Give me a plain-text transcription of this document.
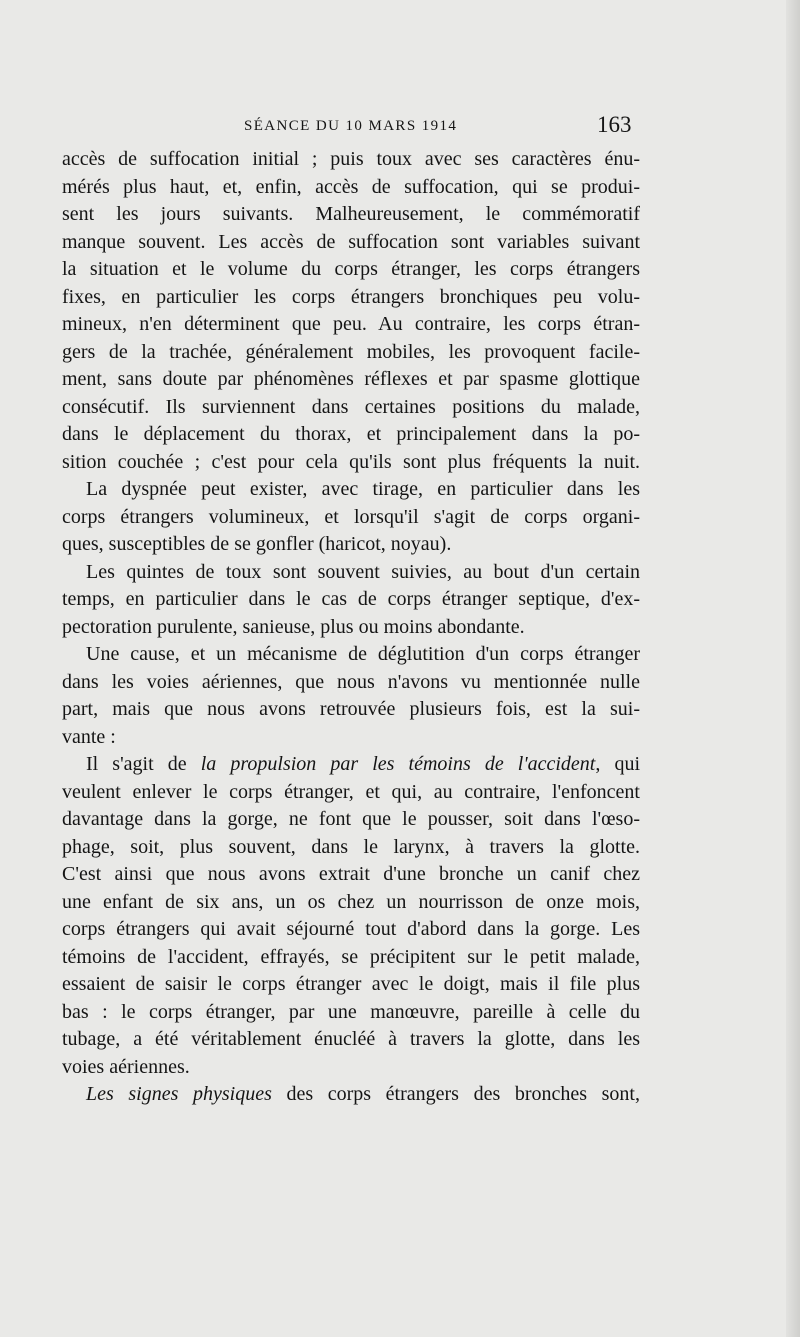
SÉANCE DU 10 MARS 1914	163
accès de suffocation initial ; puis toux avec ses caractères énu-
mérés plus haut, et, enfin, accès de suffocation, qui se produi-
sent les jours suivants. Malheureusement, le commémoratif
manque souvent. Les accès de suffocation sont variables suivant
la situation et le volume du corps étranger, les corps étrangers
fixes, en particulier les corps étrangers bronchiques peu volu-
mineux, n'en déterminent que peu. Au contraire, les corps étran-
gers de la trachée, généralement mobiles, les provoquent facile-
ment, sans doute par phénomènes réflexes et par spasme glottique
consécutif. Ils surviennent dans certaines positions du malade,
dans le déplacement du thorax, et principalement dans la po-
sition couchée ; c'est pour cela qu'ils sont plus fréquents la nuit.
La dyspnée peut exister, avec tirage, en particulier dans les
corps étrangers volumineux, et lorsqu'il s'agit de corps organi-
ques, susceptibles de se gonfler (haricot, noyau).
Les quintes de toux sont souvent suivies, au bout d'un certain
temps, en particulier dans le cas de corps étranger septique, d'ex-
pectoration purulente, sanieuse, plus ou moins abondante.
Une cause, et un mécanisme de déglutition d'un corps étranger
dans les voies aériennes, que nous n'avons vu mentionnée nulle
part, mais que nous avons retrouvée plusieurs fois, est la sui-
vante :
Il s'agit de la propulsion par les témoins de l'accident, qui
veulent enlever le corps étranger, et qui, au contraire, l'enfoncent
davantage dans la gorge, ne font que le pousser, soit dans l'œso-
phage, soit, plus souvent, dans le larynx, à travers la glotte.
C'est ainsi que nous avons extrait d'une bronche un canif chez
une enfant de six ans, un os chez un nourrisson de onze mois,
corps étrangers qui avait séjourné tout d'abord dans la gorge. Les
témoins de l'accident, effrayés, se précipitent sur le petit malade,
essaient de saisir le corps étranger avec le doigt, mais il file plus
bas : le corps étranger, par une manœuvre, pareille à celle du
tubage, a été véritablement énucléé à travers la glotte, dans les
voies aériennes.
Les signes physiques des corps étrangers des bronches sont,
